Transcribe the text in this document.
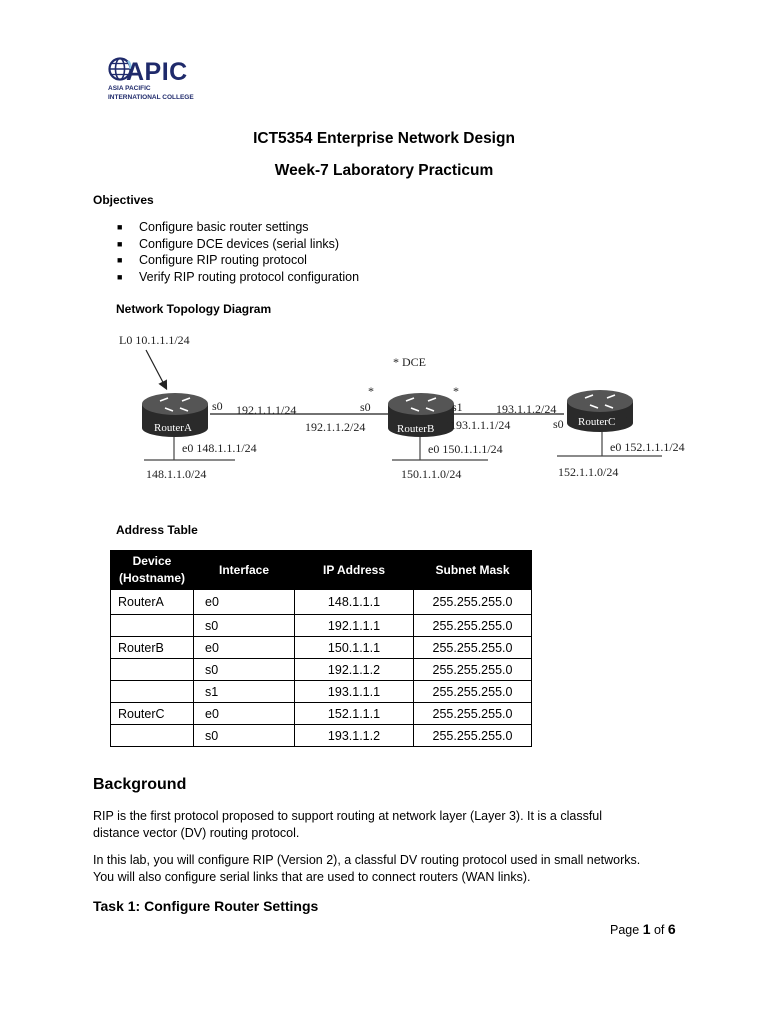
APIC
ASIA PACIFIC
INTERNATIONAL COLLEGE
ICT5354 Enterprise Network Design
Week-7 Laboratory Practicum
Objectives
■ Configure basic router settings
■ Configure DCE devices (serial links)
■ Configure RIP routing protocol
■ Verify RIP routing protocol configuration
Network Topology Diagram
L0 10.1.1.1/24
* DCE
*	*
RouterA	RouterB
RouterC
s0 192.1.1.1/24	s0
192.1.1.2/24
s1
193.1.1.1/24
193.1.1.2/24
s0
e0 148.1.1.1/24	e0 150.1.1.1/24	e0 152.1.1.1/24
148.1.1.0/24	150.1.1.0/24	152.1.1.0/24
Address Table
Device
(Hostname)	Interface	IP Address	Subnet Mask
RouterA	e0	148.1.1.1	255.255.255.0
	s0	192.1.1.1	255.255.255.0
RouterB	e0	150.1.1.1	255.255.255.0
	s0	192.1.1.2	255.255.255.0
	s1	193.1.1.1	255.255.255.0
RouterC	e0	152.1.1.1	255.255.255.0
	s0	193.1.1.2	255.255.255.0
Background
RIP is the first protocol proposed to support routing at network layer (Layer 3). It is a classful
distance vector (DV) routing protocol.
In this lab, you will configure RIP (Version 2), a classful DV routing protocol used in small networks.
You will also configure serial links that are used to connect routers (WAN links).
Task 1: Configure Router Settings
Page 1 of 6
